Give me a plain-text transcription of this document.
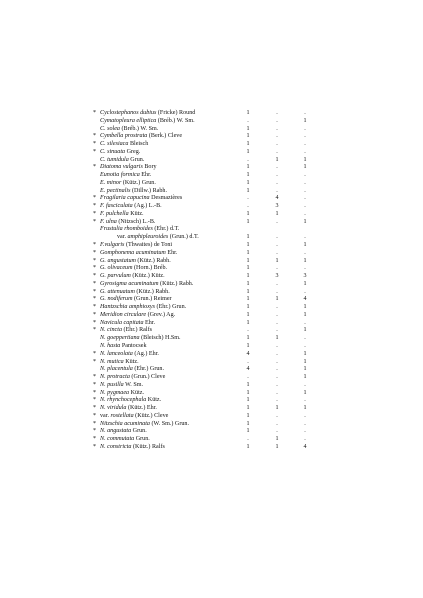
* Cyclostephanos dubius (Fricke) Round	1	.	.
Cymatopleura elliptica (Bréb.) W. Sm.	.	.	1
C. solea (Bréb.) W. Sm.	1	.	.
* Cymbella prostrata (Berk.) Cleve	1	.	.
* C. silesiaca Bleisch	1	.	.
* C. sinuata Greg.	1	.	.
C. tumidula Grun.	.	1	1
* Diatoma vulgaris Bory	1	.	1
Eunotia formica Ehr.	1	.	.
E. minor (Kütz.) Grun.	1	.	.
E. pectinalis (Dillw.) Rabh.	1	.	.
* Fragilaria capucina Desmazières	.	4	.
* F. fasciculata (Ag.) L.-B.	.	3	.
* F. pulchella Kütz.	1	1	.
* F. ulna (Nitzsch) L.-B.	1	.	1
Frustulia rhomboides (Ehr.) d.T.
var. amphipleuroides (Grun.) d.T.	1	.	.
* F.vulgaris (Thwaites) de Toni	1	.	1
* Gomphonema acuminatum Ehr.	1	.	.
* G. angustatum (Kütz.) Rabh.	1	1	1
* G. olivaceum (Horn.) Bréb.	1	.	.
* G. parvulum (Kütz.) Kütz.	1	3	3
* Gyrosigma acuminatum (Kütz.) Rabh.	1	.	1
* G. attenuatum (Kütz.) Rabh.	1	.	.
* G. nodiferum (Grun.) Reimer	1	1	4
* Hantzschia amphioxys (Ehr.) Grun.	1	.	1
* Meridion circulare (Grev.) Ag.	1	.	1
* Navicula capitata Ehr.	1	.	.
* N. cincta (Ehr.) Ralfs	.	.	1
N. goeppertiana (Bleisch) H.Sm.	1	1	.
N. hasta Pantocsek	1	.	.
* N. lanceolata (Ag.) Ehr.	4	.	1
* N. mutica Kütz.	.	.	1
N. placentula (Ehr.) Grun.	4	.	1
* N. protracta (Grun.) Cleve	.	.	1
* N. pusilla W. Sm.	1	.	.
* N. pygmaea Kütz.	1	.	1
* N. rhynchocephala Kütz.	1	.	.
* N. viridula (Kütz.) Ehr.	1	1	1
* var. rostellata (Kütz.) Cleve	1	.	.
* Nitzschia acuminata (W. Sm.) Grun.	1	.	.
* N. angustata Grun.	1	.	.
* N. commutata Grun.	.	1	.
* N. constricta (Kütz.) Ralfs	1	1	4
